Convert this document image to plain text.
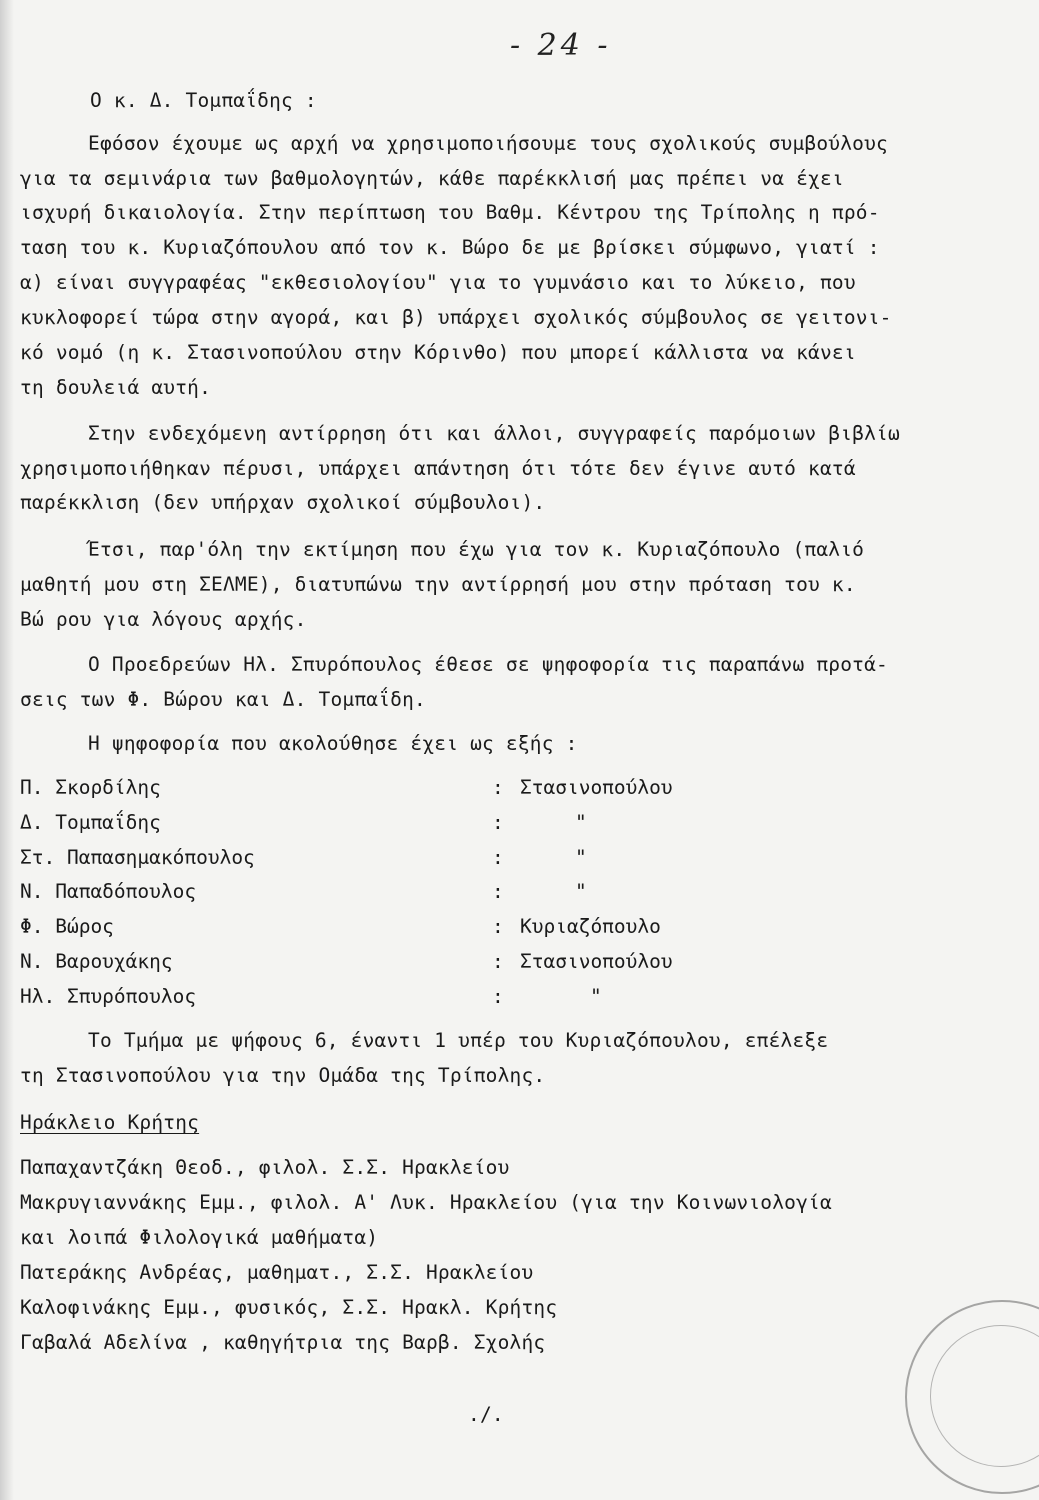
- 24 -
Ο κ. Δ. Τομπαΐδης :
Εφόσον έχουμε ως αρχή να χρησιμοποιήσουμε τους σχολικούς συμβούλους
για τα σεμινάρια των βαθμολογητών, κάθε παρέκκλισή μας πρέπει να έχει
ισχυρή δικαιολογία. Στην περίπτωση του Βαθμ. Κέντρου της Τρίπολης η πρό-
ταση του κ. Κυριαζόπουλου από τον κ. Βώρο δε με βρίσκει σύμφωνο, γιατί :
α) είναι συγγραφέας "εκθεσιολογίου" για το γυμνάσιο και το λύκειο, που
κυκλοφορεί τώρα στην αγορά, και β) υπάρχει σχολικός σύμβουλος σε γειτονι-
κό νομό (η κ. Στασινοπούλου στην Κόρινθο) που μπορεί κάλλιστα να κάνει
τη δουλειά αυτή.
Στην ενδεχόμενη αντίρρηση ότι και άλλοι, συγγραφείς παρόμοιων βιβλίω
χρησιμοποιήθηκαν πέρυσι, υπάρχει απάντηση ότι τότε δεν έγινε αυτό κατά
παρέκκλιση (δεν υπήρχαν σχολικοί σύμβουλοι).
Έτσι, παρ'όλη την εκτίμηση που έχω για τον κ. Κυριαζόπουλο (παλιό
μαθητή μου στη ΣΕΛΜΕ), διατυπώνω την αντίρρησή μου στην πρόταση του κ.
Βώ ρου για λόγους αρχής.
Ο Προεδρεύων Ηλ. Σπυρόπουλος έθεσε σε ψηφοφορία τις παραπάνω προτά-
σεις των Φ. Βώρου και Δ. Τομπαΐδη.
Η ψηφοφορία που ακολούθησε έχει ως εξής :
Π. Σκορδίλης	: Στασινοπούλου
Δ. Τομπαΐδης	:	"
Στ. Παπασημακόπουλος	:	"
Ν. Παπαδόπουλος	:	"
Φ. Βώρος	: Κυριαζόπουλο
Ν. Βαρουχάκης	: Στασινοπούλου
Ηλ. Σπυρόπουλος	:	"
Το Τμήμα με ψήφους 6, έναντι 1 υπέρ του Κυριαζόπουλου, επέλεξε
τη Στασινοπούλου για την Ομάδα της Τρίπολης.
Ηράκλειο Κρήτης
Παπαχαντζάκη Θεοδ., φιλολ. Σ.Σ. Ηρακλείου
Μακρυγιαννάκης Εμμ., φιλολ. Α' Λυκ. Ηρακλείου (για την Κοινωνιολογία
και λοιπά Φιλολογικά μαθήματα)
Πατεράκης Ανδρέας, μαθηματ., Σ.Σ. Ηρακλείου
Καλοφινάκης Εμμ., φυσικός, Σ.Σ. Ηρακλ. Κρήτης
Γαβαλά Αδελίνα , καθηγήτρια της Βαρβ. Σχολής
./.
